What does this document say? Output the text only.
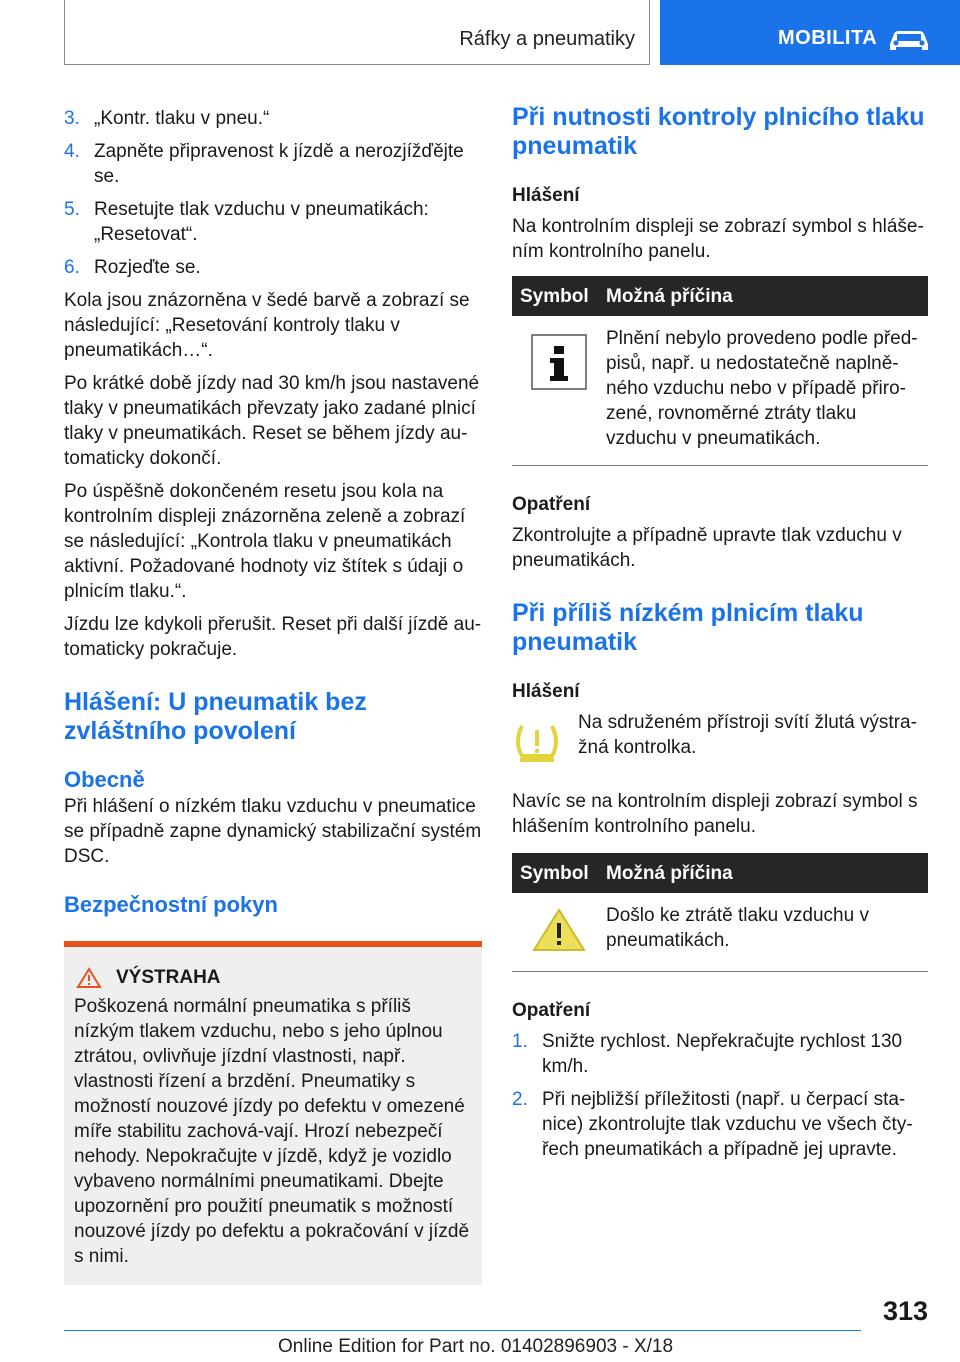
Ráfky a pneumatiky	MOBILITA
3. „Kontr. tlaku v pneu.“
4. Zapněte připravenost k jízdě a nerozjížďějte se.
5. Resetujte tlak vzduchu v pneumatikách: „Resetovat“.
6. Rozjeďte se.

Kola jsou znázorněna v šedé barvě a zobrazí se následující: „Resetování kontroly tlaku v pneumatikách…“.

Po krátké době jízdy nad 30 km/h jsou nastavené tlaky v pneumatikách převzaty jako zadané plnicí tlaky v pneumatikách. Reset se během jízdy au‐tomaticky dokončí.

Po úspěšně dokončeném resetu jsou kola na kontrolním displeji znázorněna zeleně a zobrazí se následující: „Kontrola tlaku v pneumatikách aktivní. Požadované hodnoty viz štítek s údaji o plnicím tlaku.“.

Jízdu lze kdykoli přerušit. Reset při další jízdě au‐tomaticky pokračuje.

Hlášení: U pneumatik bez zvláštního povolení
Obecně

Při hlášení o nízkém tlaku vzduchu v pneumatice se případně zapne dynamický stabilizační systém DSC.

Bezpečnostní pokyn
VÝSTRAHA

Poškozená normální pneumatika s příliš nízkým tlakem vzduchu, nebo s jeho úplnou ztrátou, ovlivňuje jízdní vlastnosti, např. vlastnosti řízení a brzdění. Pneumatiky s možností nouzové jízdy po defektu v omezené míře stabilitu zachová‐vají. Hrozí nebezpečí nehody. Nepokračujte v jízdě, když je vozidlo vybaveno normálními pneumatikami. Dbejte upozornění pro použití pneumatik s možností nouzové jízdy po defektu a pokračování v jízdě s nimi.

Při nutnosti kontroly plnicího tlaku pneumatik
Hlášení

Na kontrolním displeji se zobrazí symbol s hláše‐ním kontrolního panelu.

Symbol Možná příčina
Plnění nebylo provedeno podle před‐pisů, např. u nedostatečně naplně‐ného vzduchu nebo v případě přiro‐zené, rovnoměrné ztráty tlaku vzduchu v pneumatikách.
Opatření

Zkontrolujte a případně upravte tlak vzduchu v pneumatikách.

Při příliš nízkém plnicím tlaku pneumatik
Hlášení

Na sdruženém přístroji svítí žlutá výstra‐žná kontrolka.

Navíc se na kontrolním displeji zobrazí symbol s hlášením kontrolního panelu.

Symbol Možná příčina
Došlo ke ztrátě tlaku vzduchu v pneumatikách.
Opatření
1. Snižte rychlost. Nepřekračujte rychlost 130 km/h.
2. Při nejbližší příležitosti (např. u čerpací sta‐nice) zkontrolujte tlak vzduchu ve všech čty‐řech pneumatikách a případně jej upravte.
313
Online Edition for Part no. 01402896903 - X/18
